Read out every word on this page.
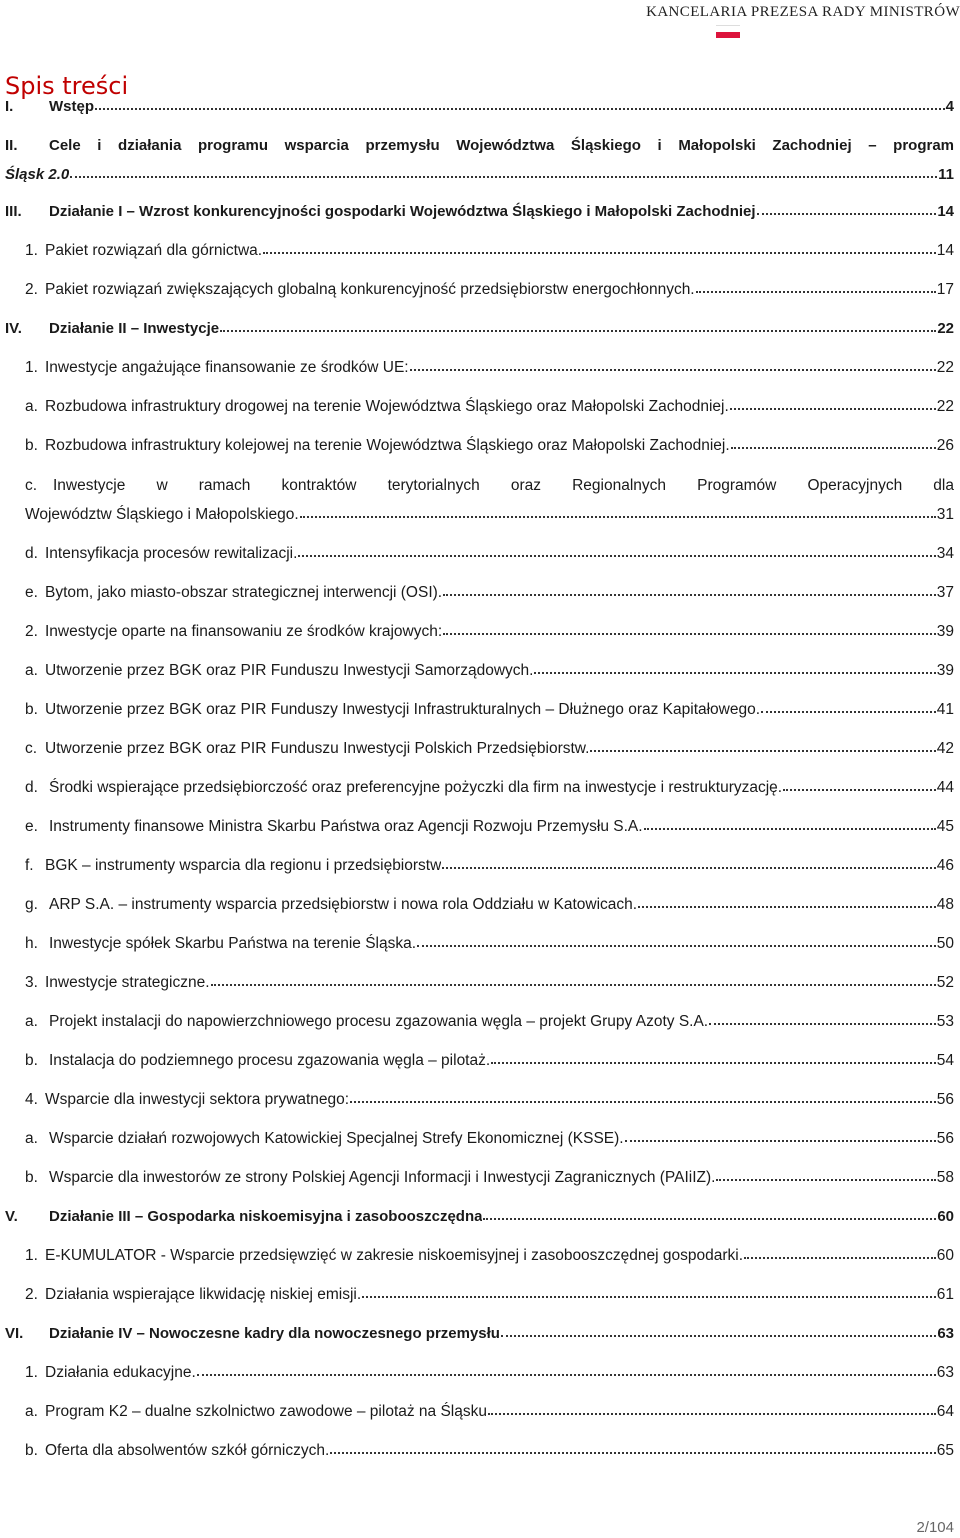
KANCELARIA PREZESA RADY MINISTRÓW
Spis treści
I.	Wstęp	4
II.	Cele i działania programu wsparcia przemysłu Województwa Śląskiego i Małopolski Zachodniej – program
Śląsk 2.0	11
III.	Działanie I – Wzrost konkurencyjności gospodarki Województwa Śląskiego i Małopolski Zachodniej	14
1. Pakiet rozwiązań dla górnictwa.	14
2. Pakiet rozwiązań zwiększających globalną konkurencyjność przedsiębiorstw energochłonnych.	17
IV.	Działanie II – Inwestycje	22
1. Inwestycje angażujące finansowanie ze środków UE:	22
a. Rozbudowa infrastruktury drogowej na terenie Województwa Śląskiego oraz Małopolski Zachodniej.	22
b. Rozbudowa infrastruktury kolejowej na terenie Województwa Śląskiego oraz Małopolski Zachodniej.	26
c.	Inwestycje w ramach kontraktów terytorialnych oraz Regionalnych Programów Operacyjnych dla
Województw Śląskiego i Małopolskiego.	31
d. Intensyfikacja procesów rewitalizacji.	34
e. Bytom, jako miasto-obszar strategicznej interwencji (OSI).	37
2. Inwestycje oparte na finansowaniu ze środków krajowych:	39
a. Utworzenie przez BGK oraz PIR Funduszu Inwestycji Samorządowych.	39
b. Utworzenie przez BGK oraz PIR Funduszy Inwestycji Infrastrukturalnych – Dłużnego oraz Kapitałowego.	41
c. Utworzenie przez BGK oraz PIR Funduszu Inwestycji Polskich Przedsiębiorstw.	42
d. Środki wspierające przedsiębiorczość oraz preferencyjne pożyczki dla firm na inwestycje i restrukturyzację.	44
e. Instrumenty finansowe Ministra Skarbu Państwa oraz Agencji Rozwoju Przemysłu S.A.	45
f. BGK – instrumenty wsparcia dla regionu i przedsiębiorstw	46
g. ARP S.A. – instrumenty wsparcia przedsiębiorstw i nowa rola Oddziału w Katowicach.	48
h. Inwestycje spółek Skarbu Państwa na terenie Śląska.	50
3. Inwestycje strategiczne.	52
a. Projekt instalacji do napowierzchniowego procesu zgazowania węgla – projekt Grupy Azoty S.A.	53
b. Instalacja do podziemnego procesu zgazowania węgla – pilotaż.	54
4. Wsparcie dla inwestycji sektora prywatnego:	56
a. Wsparcie działań rozwojowych Katowickiej Specjalnej Strefy Ekonomicznej (KSSE).	56
b. Wsparcie dla inwestorów ze strony Polskiej Agencji Informacji i Inwestycji Zagranicznych (PAIiIZ).	58
V.	Działanie III – Gospodarka niskoemisyjna i zasobooszczędna	60
1. E-KUMULATOR - Wsparcie przedsięwzięć w zakresie niskoemisyjnej i zasobooszczędnej gospodarki.	60
2. Działania wspierające likwidację niskiej emisji.	61
VI.	Działanie IV – Nowoczesne kadry dla nowoczesnego przemysłu	63
1. Działania edukacyjne.	63
a. Program K2 – dualne szkolnictwo zawodowe – pilotaż na Śląsku	64
b. Oferta dla absolwentów szkół górniczych.	65
2/104
